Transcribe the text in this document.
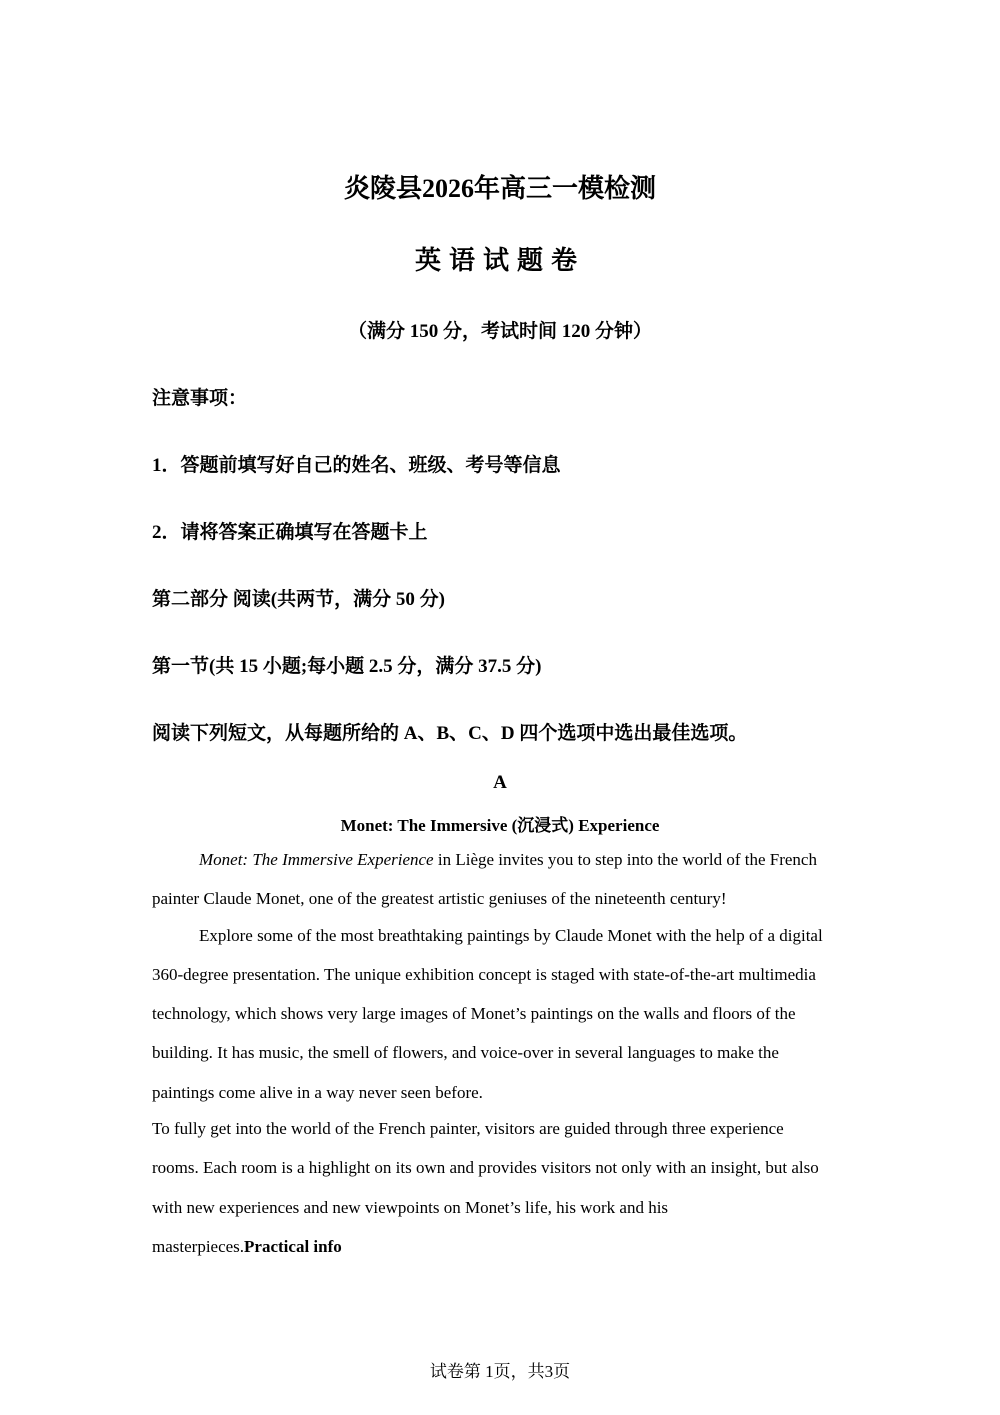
炎陵县2026年高三一模检测
英语试题卷

（满分 150 分，考试时间 120 分钟）

注意事项：

1．答题前填写好自己的姓名、班级、考号等信息

2．请将答案正确填写在答题卡上

第二部分 阅读(共两节，满分 50 分)

第一节(共 15 小题;每小题 2.5 分，满分 37.5 分)

阅读下列短文，从每题所给的 A、B、C、D 四个选项中选出最佳选项。

A

Monet: The Immersive (沉浸式) Experience

Monet: The Immersive Experience in Liège invites you to step into the world of the French

painter Claude Monet, one of the greatest artistic geniuses of the nineteenth century!

Explore some of the most breathtaking paintings by Claude Monet with the help of a digital

360-degree presentation. The unique exhibition concept is staged with state-of-the-art multimedia

technology, which shows very large images of Monet’s paintings on the walls and floors of the

building. It has music, the smell of flowers, and voice-over in several languages to make the

paintings come alive in a way never seen before.

To fully get into the world of the French painter, visitors are guided through three experience

rooms. Each room is a highlight on its own and provides visitors not only with an insight, but also

with new experiences and new viewpoints on Monet’s life, his work and his

masterpieces.Practical info

试卷第 1页，共3页
